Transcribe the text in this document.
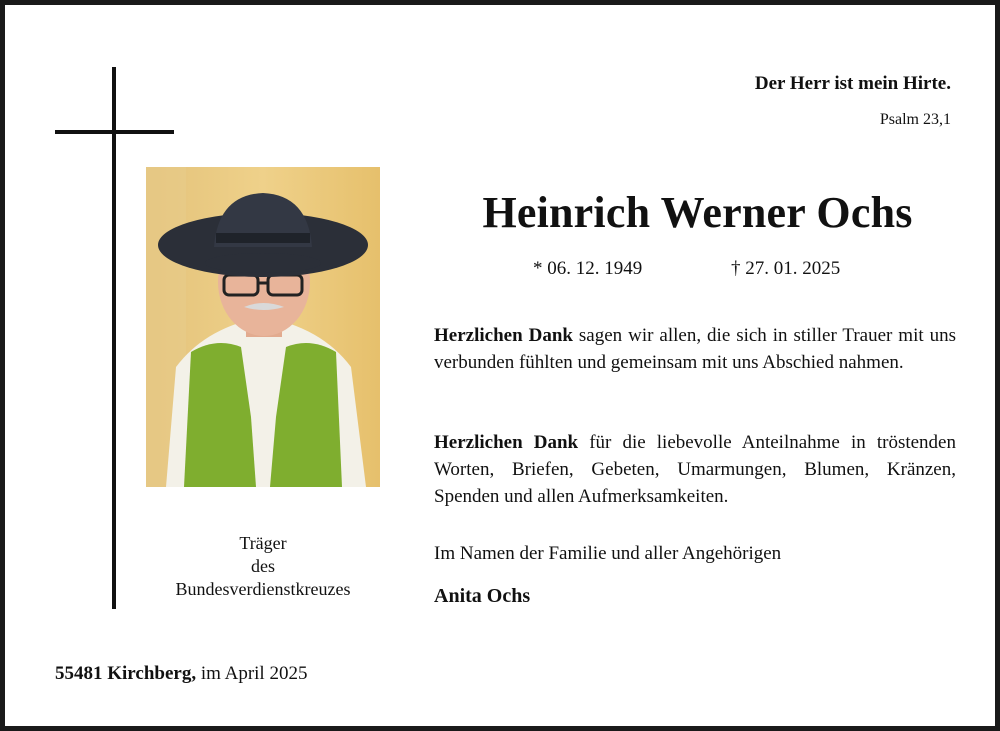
Der Herr ist mein Hirte.
Psalm 23,1
Träger
des
Bundesverdienstkreuzes
Heinrich Werner Ochs
* 06. 12. 1949	† 27. 01. 2025
Herzlichen Dank sagen wir allen, die sich in stiller Trauer mit uns verbunden fühlten und gemeinsam mit uns Abschied nahmen.
Herzlichen Dank für die liebevolle Anteilnahme in tröstenden Worten, Briefen, Gebeten, Umarmungen, Blumen, Kränzen, Spenden und allen Aufmerksamkeiten.
Im Namen der Familie und aller Angehörigen
Anita Ochs
55481 Kirchberg, im April 2025
